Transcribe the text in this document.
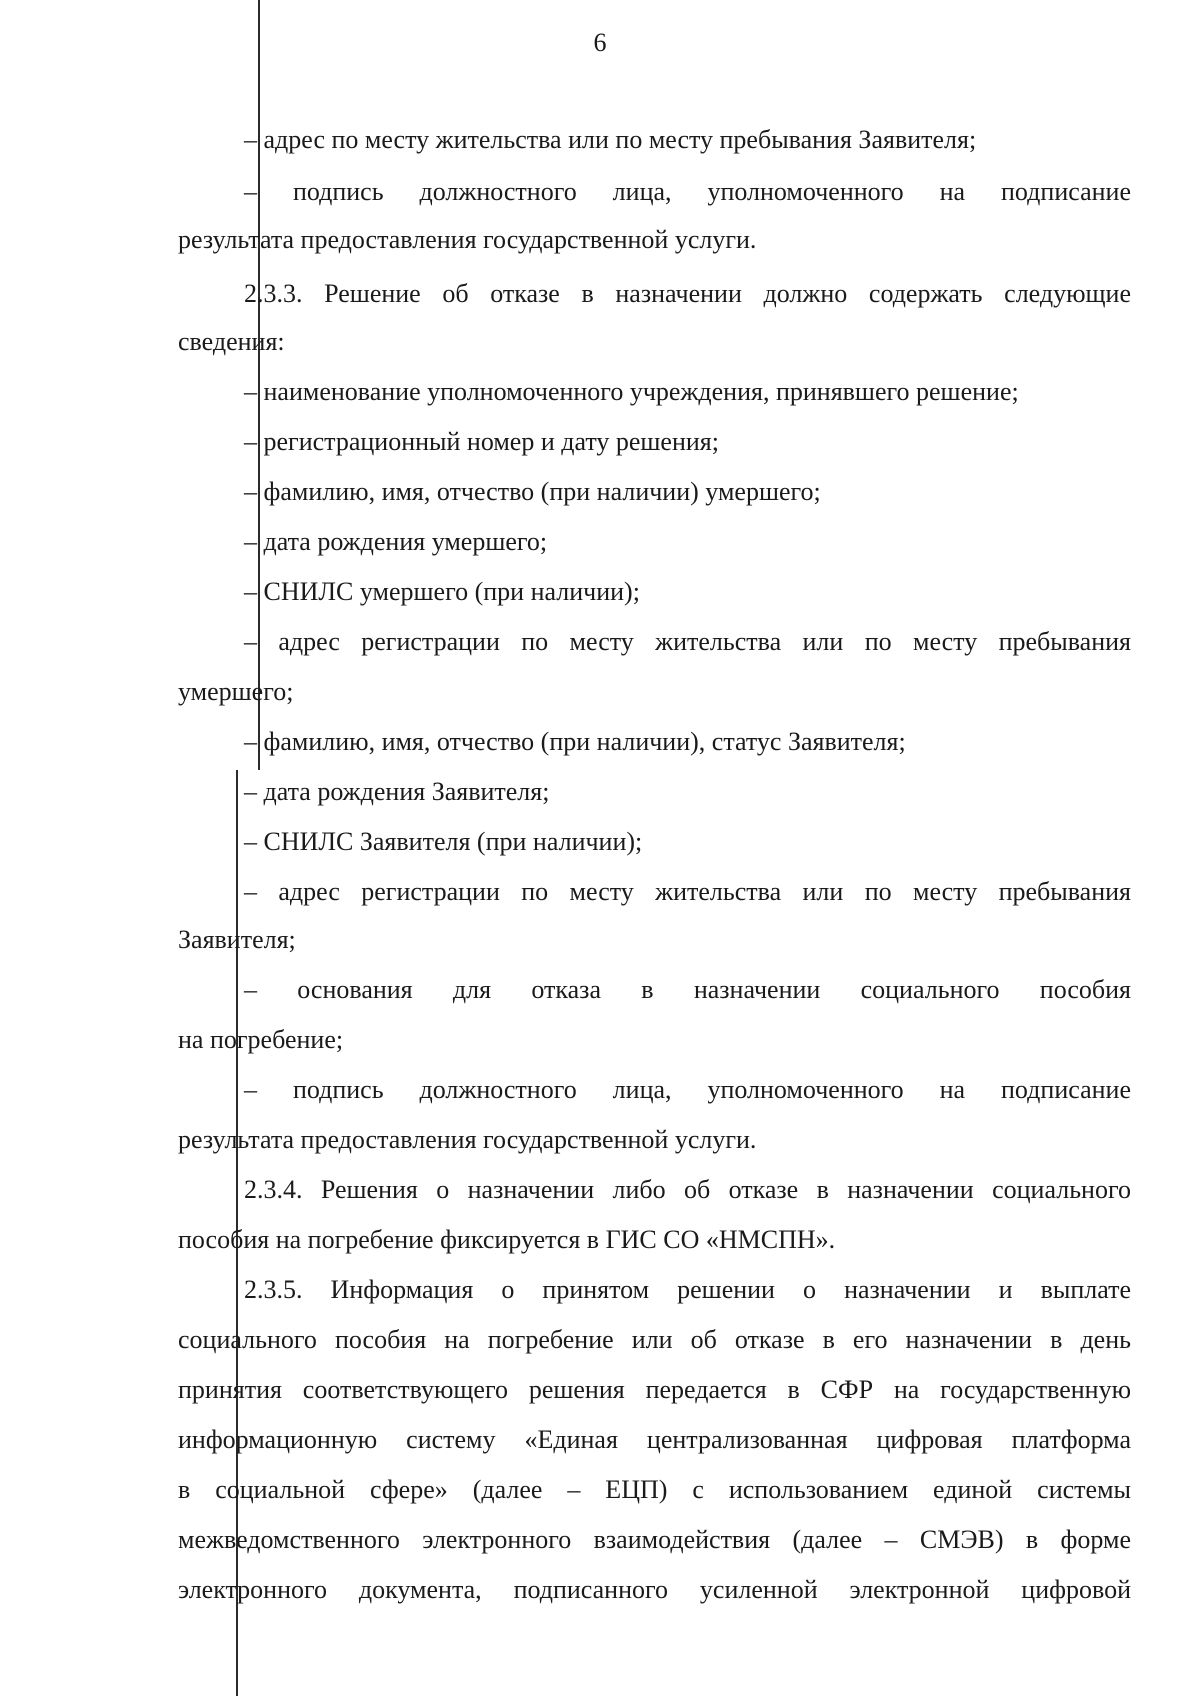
6
– адрес по месту жительства или по месту пребывания Заявителя;
– подпись должностного лица, уполномоченного на подписание
результата предоставления государственной услуги.
2.3.3. Решение об отказе в назначении должно содержать следующие
сведения:
– наименование уполномоченного учреждения, принявшего решение;
– регистрационный номер и дату решения;
– фамилию, имя, отчество (при наличии) умершего;
– дата рождения умершего;
– СНИЛС умершего (при наличии);
– адрес регистрации по месту жительства или по месту пребывания
умершего;
– фамилию, имя, отчество (при наличии), статус Заявителя;
– дата рождения Заявителя;
– СНИЛС Заявителя (при наличии);
– адрес регистрации по месту жительства или по месту пребывания
Заявителя;
– основания для отказа в назначении социального пособия
на погребение;
– подпись должностного лица, уполномоченного на подписание
результата предоставления государственной услуги.
2.3.4. Решения о назначении либо об отказе в назначении социального
пособия на погребение фиксируется в ГИС СО «НМСПН».
2.3.5. Информация о принятом решении о назначении и выплате
социального пособия на погребение или об отказе в его назначении в день
принятия соответствующего решения передается в СФР на государственную
информационную систему «Единая централизованная цифровая платформа
в социальной сфере» (далее – ЕЦП) с использованием единой системы
межведомственного электронного взаимодействия (далее – СМЭВ) в форме
электронного документа, подписанного усиленной электронной цифровой
